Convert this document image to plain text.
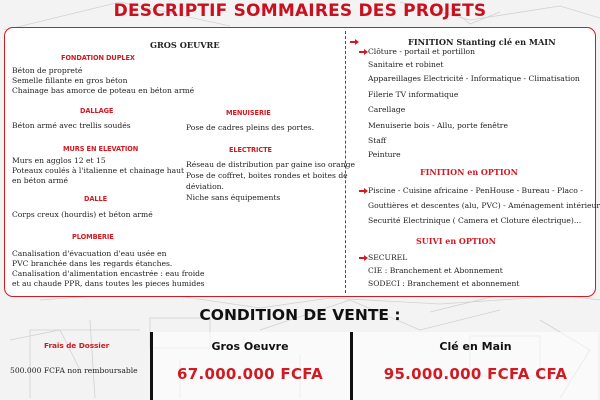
DESCRIPTIF SOMMAIRES DES PROJETS
GROS OEUVRE
FONDATION DUPLEX
Béton de propreté
Semelle fillante en gros béton
Chainage bas amorce de poteau en béton armé
DALLAGE
Béton armé avec trellis soudés
MURS EN ELEVATION
Murs en agglos 12 et 15
Poteaux coulés à l'italienne et chainage haut
en béton armé
DALLE
Corps creux (hourdis) et béton armé
PLOMBERIE
Canalisation d'évacuation d'eau usée en
PVC branchée dans les regards étanches.
Canalisation d'alimentation encastrée : eau froide
et au chaude PPR, dans toutes les pieces humides
MENUISERIE
Pose de cadres pleins des portes.
ELECTRICTE
Réseau de distribution par gaine iso orange
Pose de coffret, boites rondes et boites de
déviation.
Niche sans équipements
FINITION Stanting clé en MAIN
Clôture - portail et portillon
Sanitaire et robinet
Appareillages Electricité - Informatique - Climatisation
Filerie TV informatique
Carellage
Menuiserie bois - Allu, porte fenêtre
Staff
Peinture
FINITION en OPTION
Piscine - Cuisine africaine - PenHouse - Bureau - Placo -
Gouttières et descentes (alu, PVC) - Aménagement intérieur
Securité Electrinique ( Camera et Cloture électrique)...
SUIVI en OPTION
SECUREL
CIE : Branchement et Abonnement
SODECI : Branchement et abonnement
CONDITION DE VENTE :
Frais de Dossier
500.000 FCFA non remboursable
Gros Oeuvre
67.000.000 FCFA
Clé en Main
95.000.000 FCFA CFA
